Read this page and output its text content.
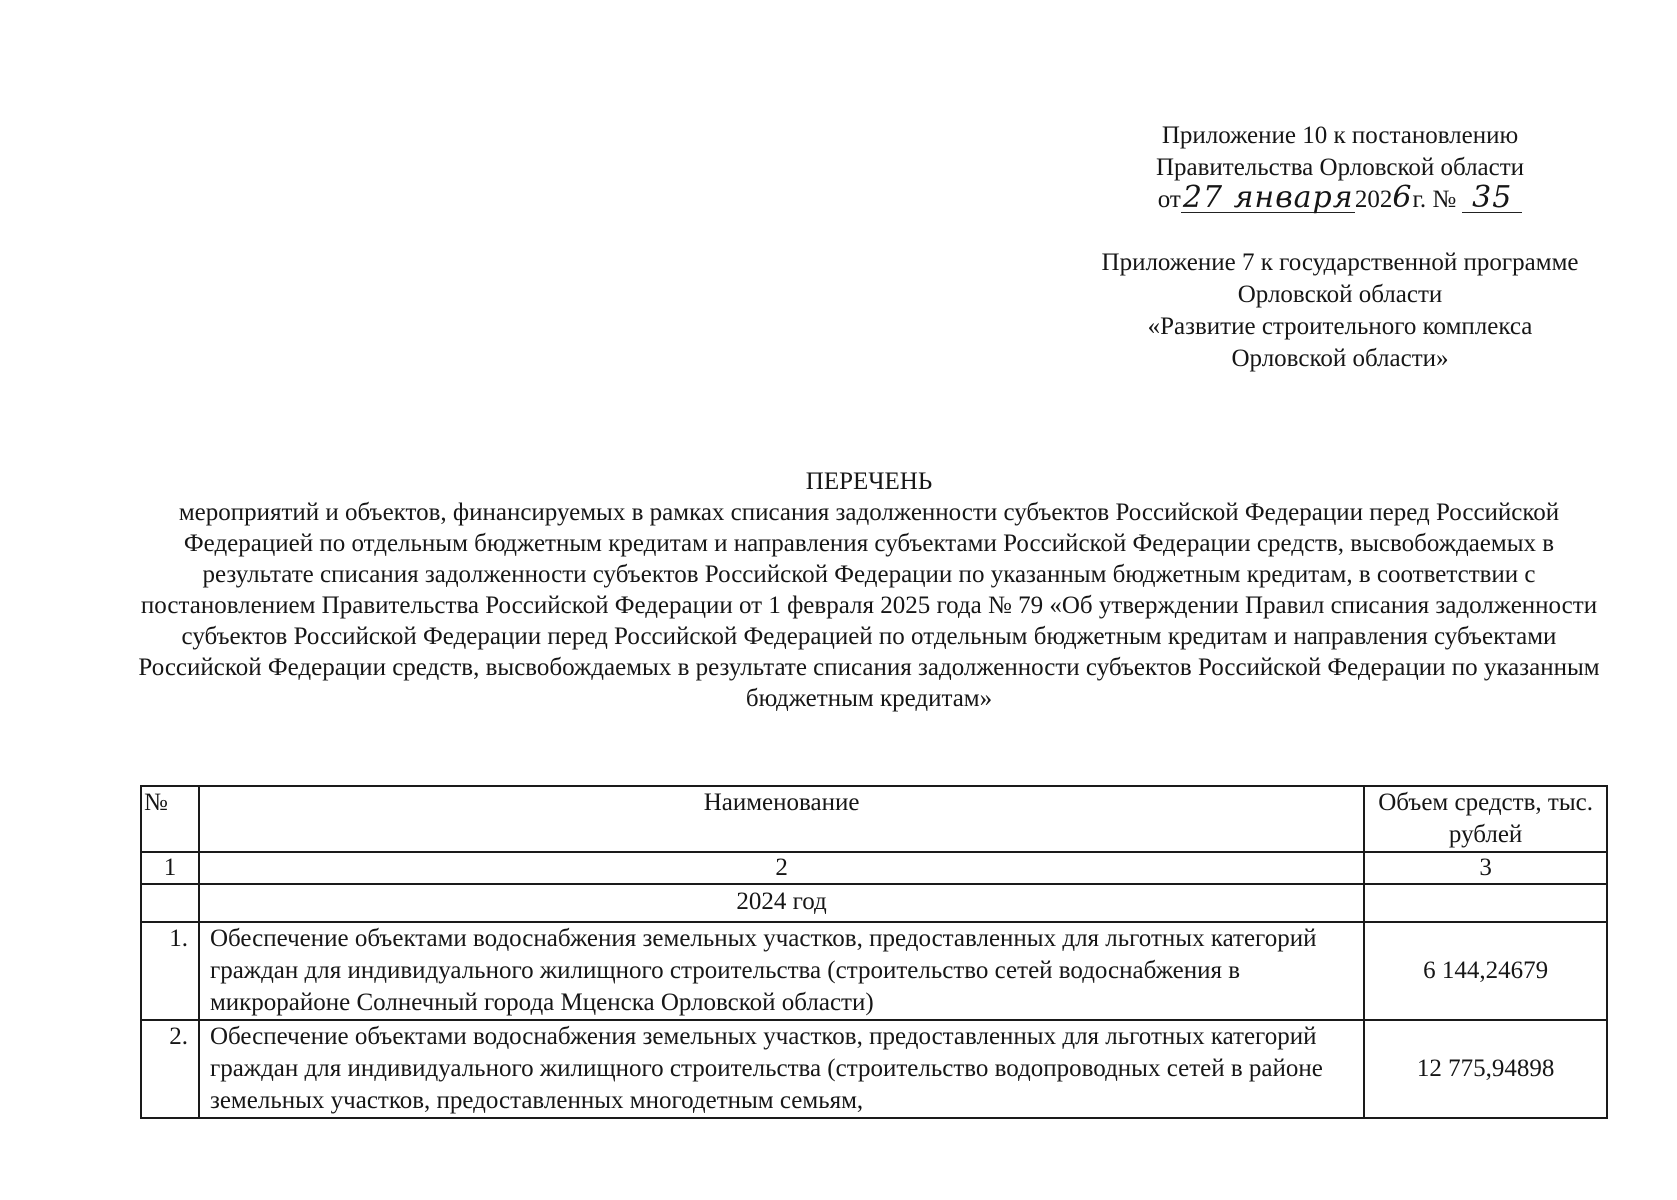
Приложение 10 к постановлению
Правительства Орловской области
от27 января2026г. № 35
Приложение 7 к государственной программе
Орловской области
«Развитие строительного комплекса
Орловской области»
ПЕРЕЧЕНЬ
мероприятий и объектов, финансируемых в рамках списания задолженности субъектов Российской Федерации перед Российской Федерацией по отдельным бюджетным кредитам и направления субъектами Российской Федерации средств, высвобождаемых в результате списания задолженности субъектов Российской Федерации по указанным бюджетным кредитам, в соответствии с постановлением Правительства Российской Федерации от 1 февраля 2025 года № 79 «Об утверждении Правил списания задолженности субъектов Российской Федерации перед Российской Федерацией по отдельным бюджетным кредитам и направления субъектами Российской Федерации средств, высвобождаемых в результате списания задолженности субъектов Российской Федерации по указанным бюджетным кредитам»
№	Наименование	Объем средств, тыс. рублей
1	2	3
	2024 год	
1.	Обеспечение объектами водоснабжения земельных участков, предоставленных для льготных категорий граждан для индивидуального жилищного строительства (строительство сетей водоснабжения в микрорайоне Солнечный города Мценска Орловской области)	6 144,24679
2.	Обеспечение объектами водоснабжения земельных участков, предоставленных для льготных категорий граждан для индивидуального жилищного строительства (строительство водопроводных сетей в районе земельных участков, предоставленных многодетным семьям,	12 775,94898
